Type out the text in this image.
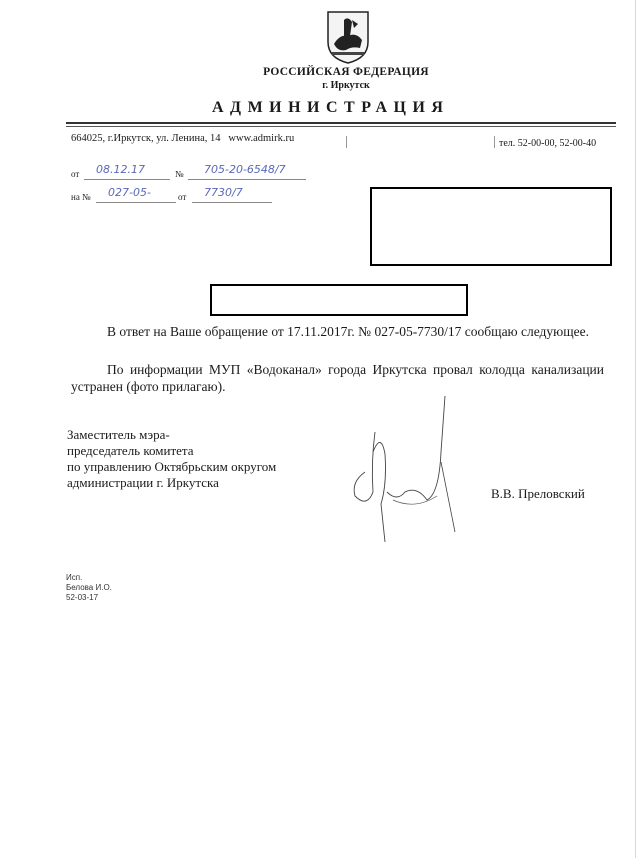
РОССИЙСКАЯ ФЕДЕРАЦИЯ
г. Иркутск
АДМИНИСТРАЦИЯ
664025, г.Иркутск, ул. Ленина, 14 www.admirk.ru	тел. 52-00-00, 52-00-40
от 08.12.17	№ 705-20-6548/7
на № 027-05-	от 7730/7

В ответ на Ваше обращение от 17.11.2017г. № 027-05-7730/17 сообщаю следующее.

По информации МУП «Водоканал» города Иркутска провал колодца канализации устранен (фото прилагаю).

Заместитель мэра-
председатель комитета
по управлению Октябрьским округом
администрации г. Иркутска
В.В. Преловский
Исп.
Белова И.О.
52-03-17
